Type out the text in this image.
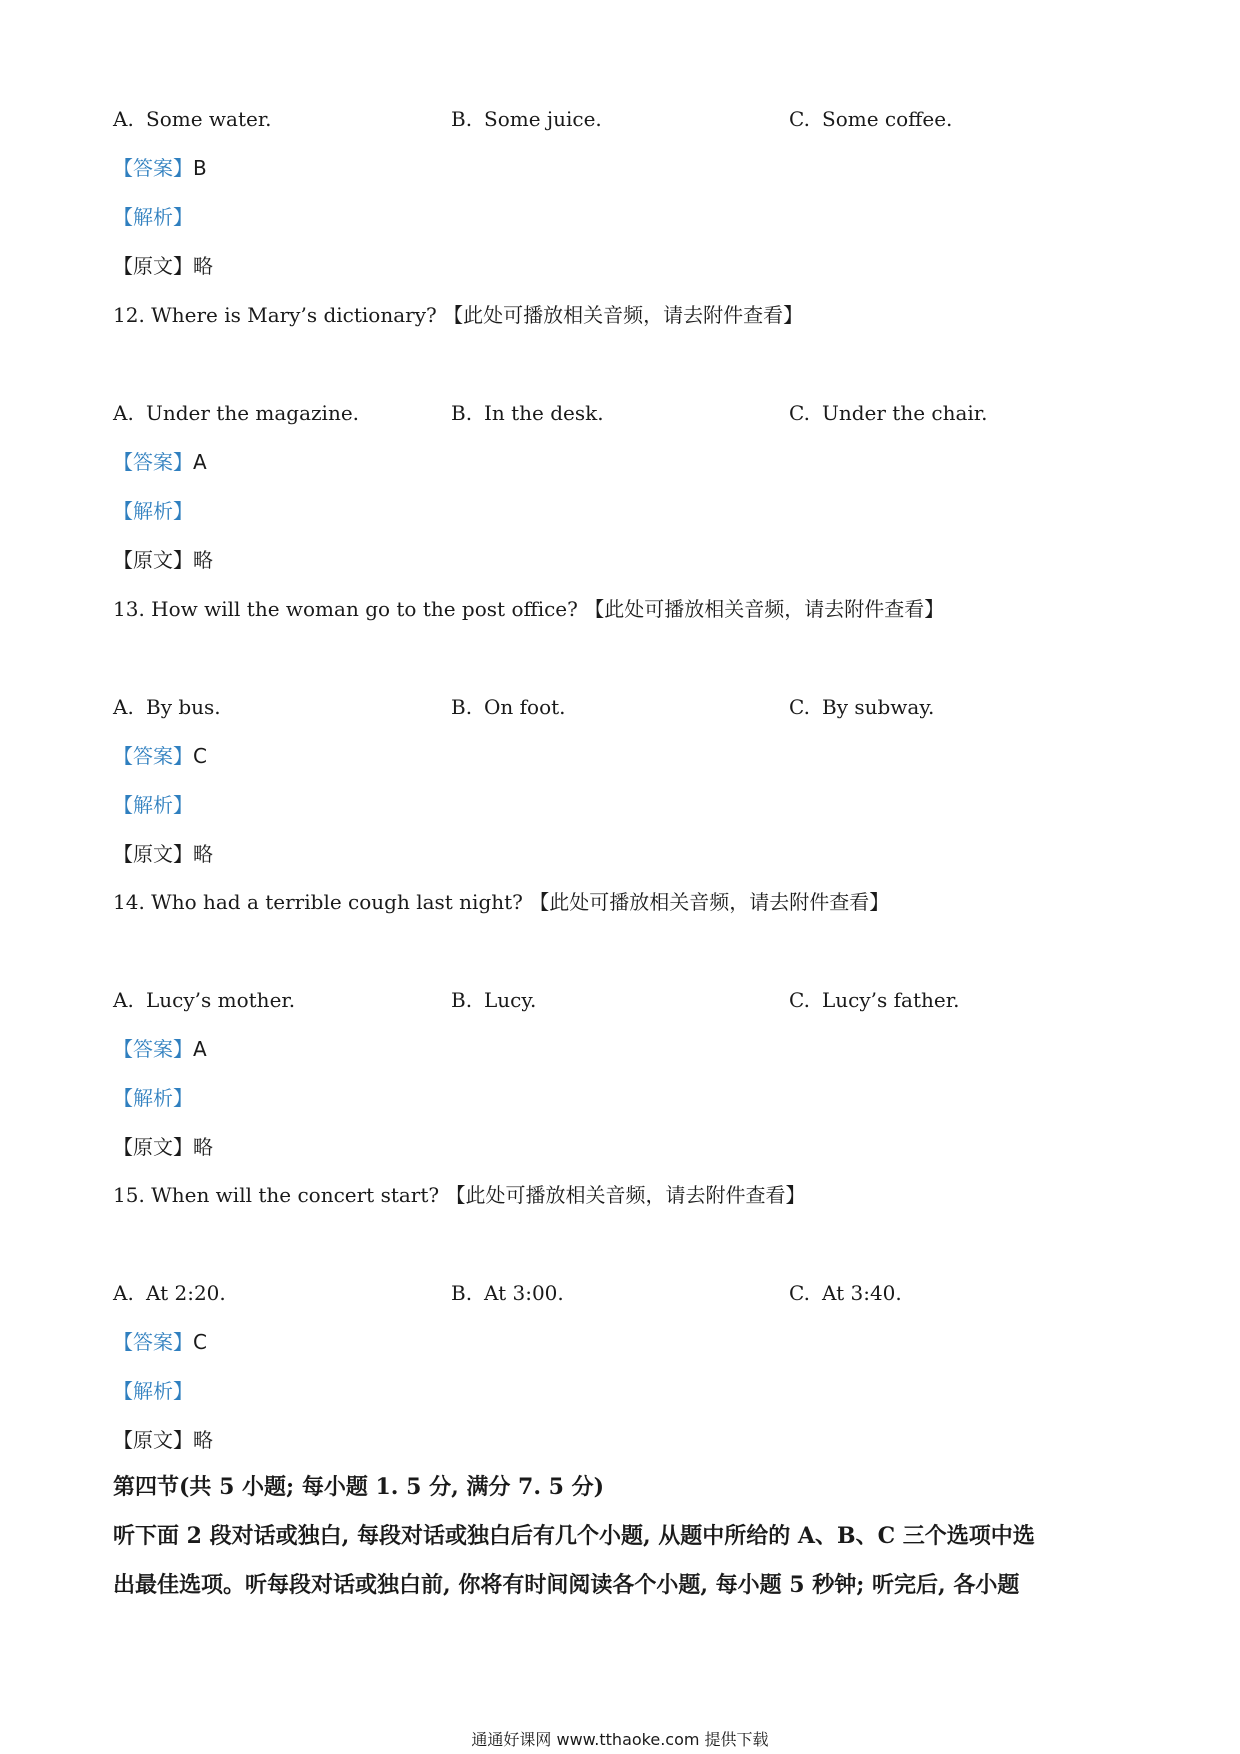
A. Some water.	B. Some juice.	C. Some coffee.
【答案】B
【解析】
【原文】略
12. Where is Mary’s dictionary? 【此处可播放相关音频，请去附件查看】
A. Under the magazine.	B. In the desk.	C. Under the chair.
【答案】A
【解析】
【原文】略
13. How will the woman go to the post office? 【此处可播放相关音频，请去附件查看】
A. By bus.	B. On foot.	C. By subway.
【答案】C
【解析】
【原文】略
14. Who had a terrible cough last night? 【此处可播放相关音频，请去附件查看】
A. Lucy’s mother.	B. Lucy.	C. Lucy’s father.
【答案】A
【解析】
【原文】略
15. When will the concert start? 【此处可播放相关音频，请去附件查看】
A. At 2:20.	B. At 3:00.	C. At 3:40.
【答案】C
【解析】
【原文】略
第四节(共 5 小题; 每小题 1. 5 分, 满分 7. 5 分)
听下面 2 段对话或独白, 每段对话或独白后有几个小题, 从题中所给的 A、B、C 三个选项中选
出最佳选项。听每段对话或独白前, 你将有时间阅读各个小题, 每小题 5 秒钟; 听完后, 各小题
通通好课网 www.tthaoke.com 提供下载
